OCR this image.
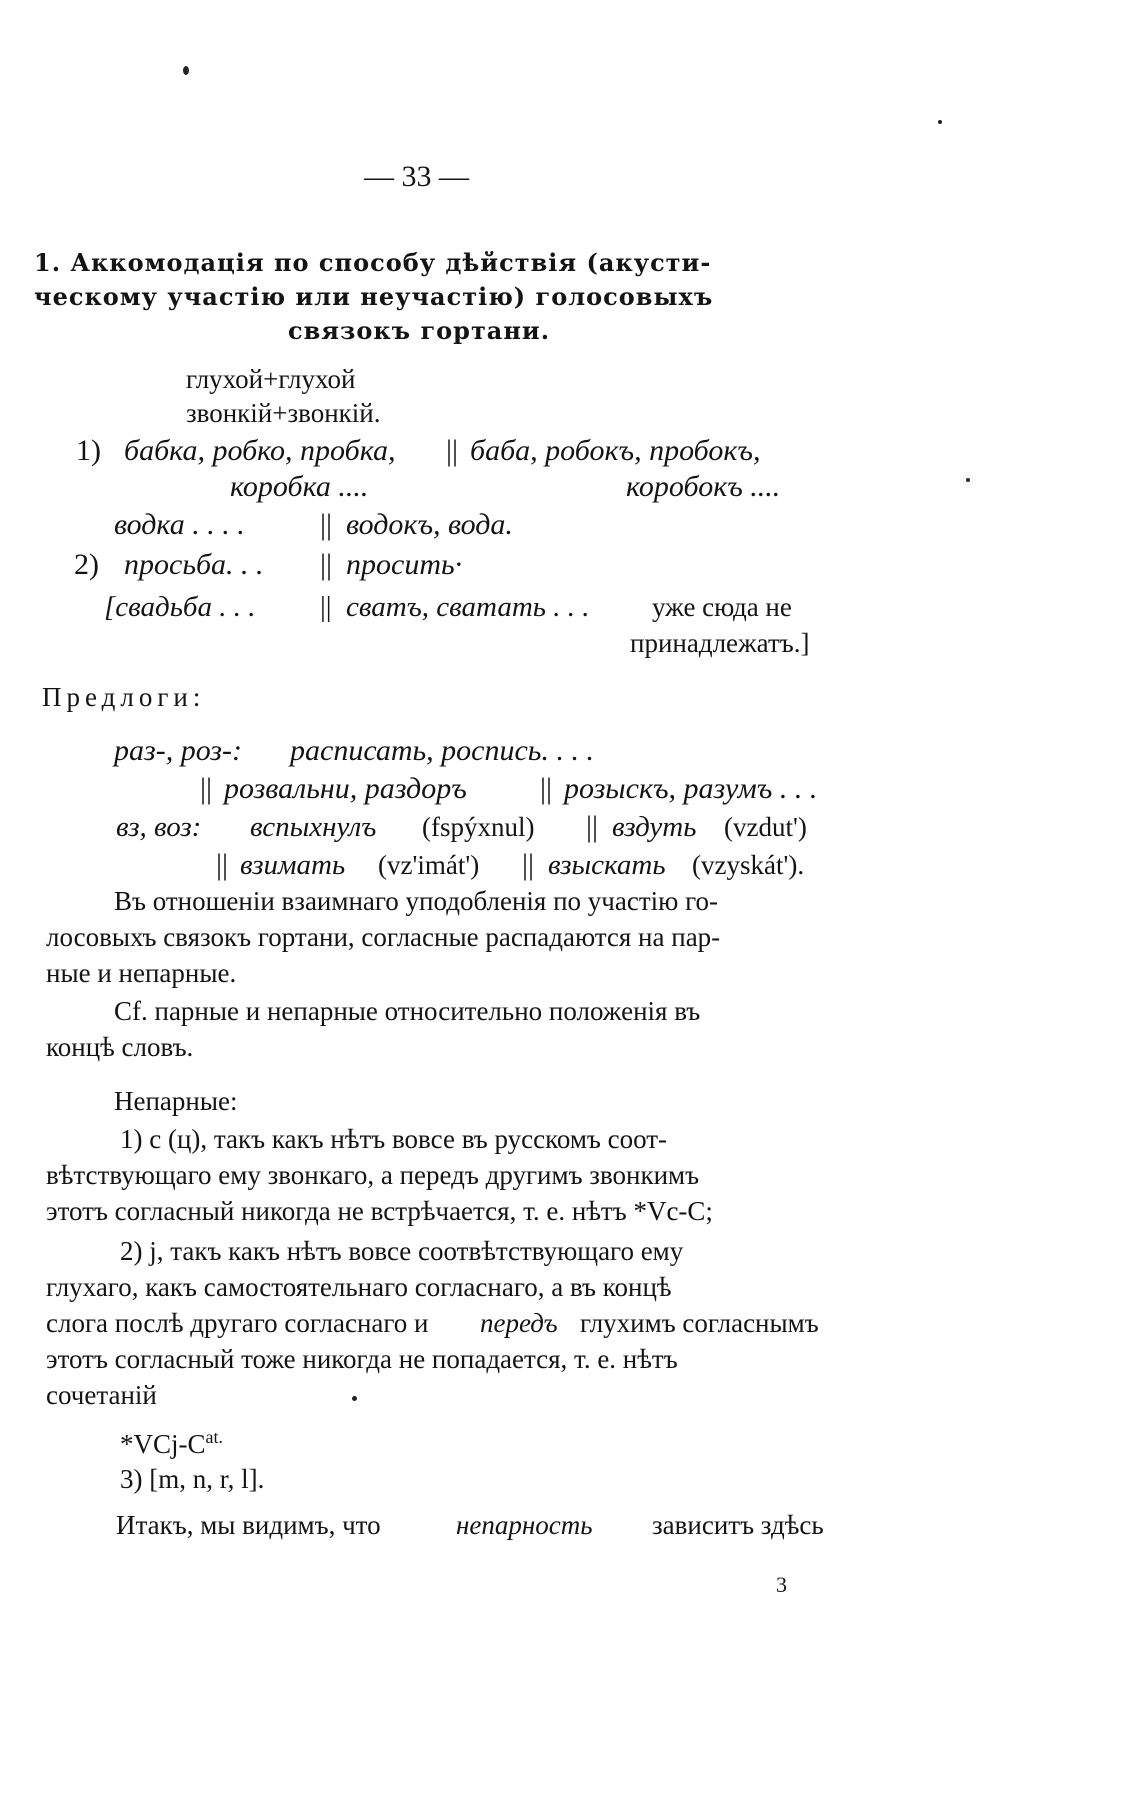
— 33 —
1. Аккомодація по способу дѣйствія (акусти-
ческому участію или неучастію) голосовыхъ
связокъ гортани.
глухой+глухой
звонкій+звонкій.
1) бабка, робко, пробка, || баба, робокъ, пробокъ,
коробка ....	коробокъ ....
водка . . . .	|| водокъ, вода.
2) просьба. . . || просить·
[свадьба . . . || сватъ, сватать . . . уже сюда не
принадлежатъ.]
Предлоги:
раз-, роз-: расписать, роспись. . . .
|| розвальни, раздоръ || розыскъ, разумъ . . .
вз, воз: вспыхнулъ (fspýxnul) || вздуть (vzdut')
|| взимать (vz'imát') || взыскать (vzyskát').
Въ отношеніи взаимнаго уподобленія по участію го-
лосовыхъ связокъ гортани, согласные распадаются на пар-
ные и непарные.
Cf. парные и непарные относительно положенія въ
концѣ словъ.
Непарные:
1) с (ц), такъ какъ нѣтъ вовсе въ русскомъ соот-
вѣтствующаго ему звонкаго, а передъ другимъ звонкимъ
этотъ согласный никогда не встрѣчается, т. е. нѣтъ *Vc-C;
2) j, такъ какъ нѣтъ вовсе соотвѣтствующаго ему
глухаго, какъ самостоятельнаго согласнаго, а въ концѣ
слога послѣ другаго согласнаго и передъ глухимъ согласнымъ
этотъ согласный тоже никогда не попадается, т. е. нѣтъ
сочетаній
$*VCj-C^{at.}$
3) [m, n, r, l].
Итакъ, мы видимъ, что	непарность зависитъ здѣсь
3
